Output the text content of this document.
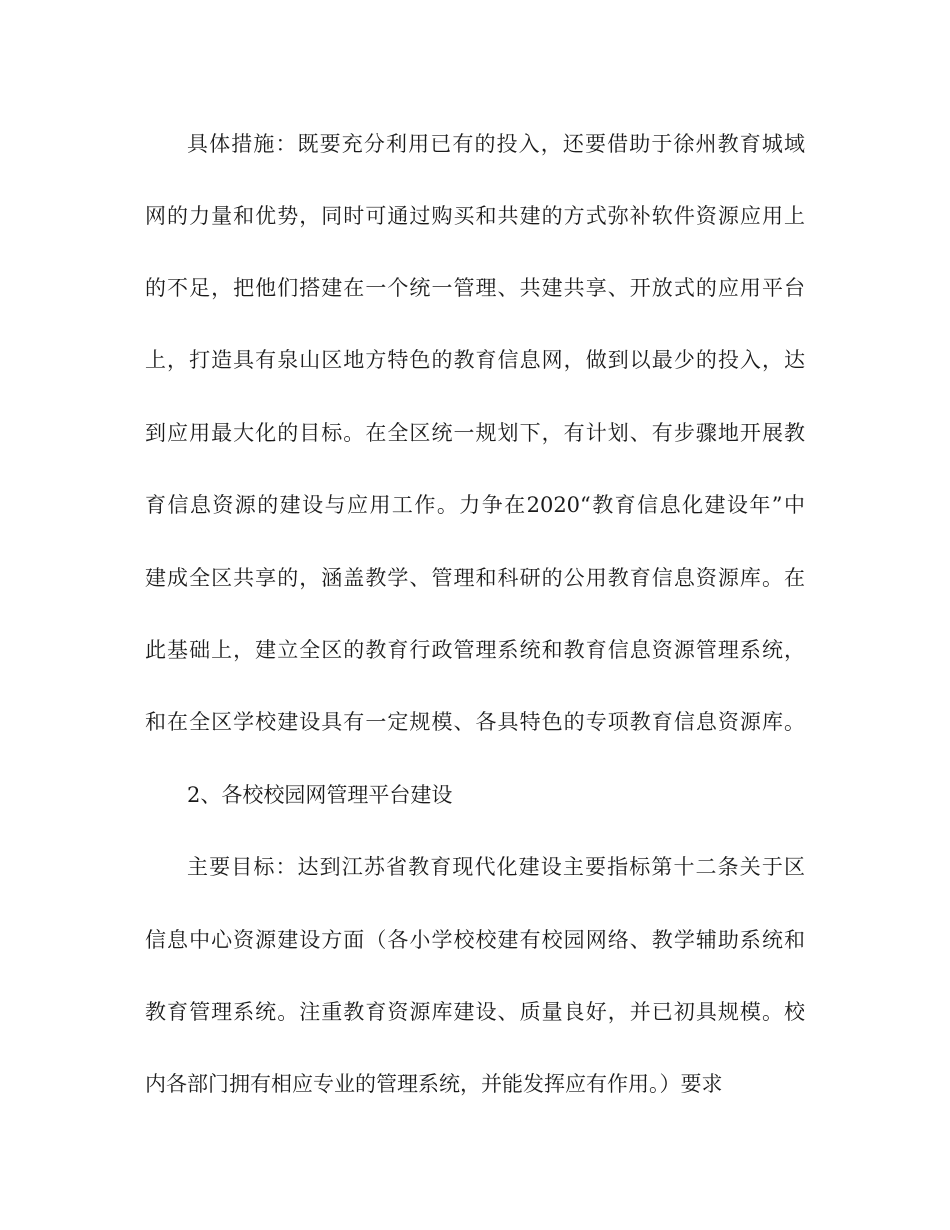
具体措施：既要充分利用已有的投入，还要借助于徐州教育城域

网的力量和优势，同时可通过购买和共建的方式弥补软件资源应用上

的不足，把他们搭建在一个统一管理、共建共享、开放式的应用平台

上，打造具有泉山区地方特色的教育信息网，做到以最少的投入，达

到应用最大化的目标。在全区统一规划下，有计划、有步骤地开展教

育信息资源的建设与应用工作。力争在2020“教育信息化建设年”中

建成全区共享的，涵盖教学、管理和科研的公用教育信息资源库。在

此基础上，建立全区的教育行政管理系统和教育信息资源管理系统，

和在全区学校建设具有一定规模、各具特色的专项教育信息资源库。

2、各校校园网管理平台建设

主要目标：达到江苏省教育现代化建设主要指标第十二条关于区

信息中心资源建设方面（各小学校校建有校园网络、教学辅助系统和

教育管理系统。注重教育资源库建设、质量良好，并已初具规模。校

内各部门拥有相应专业的管理系统，并能发挥应有作用。）要求
